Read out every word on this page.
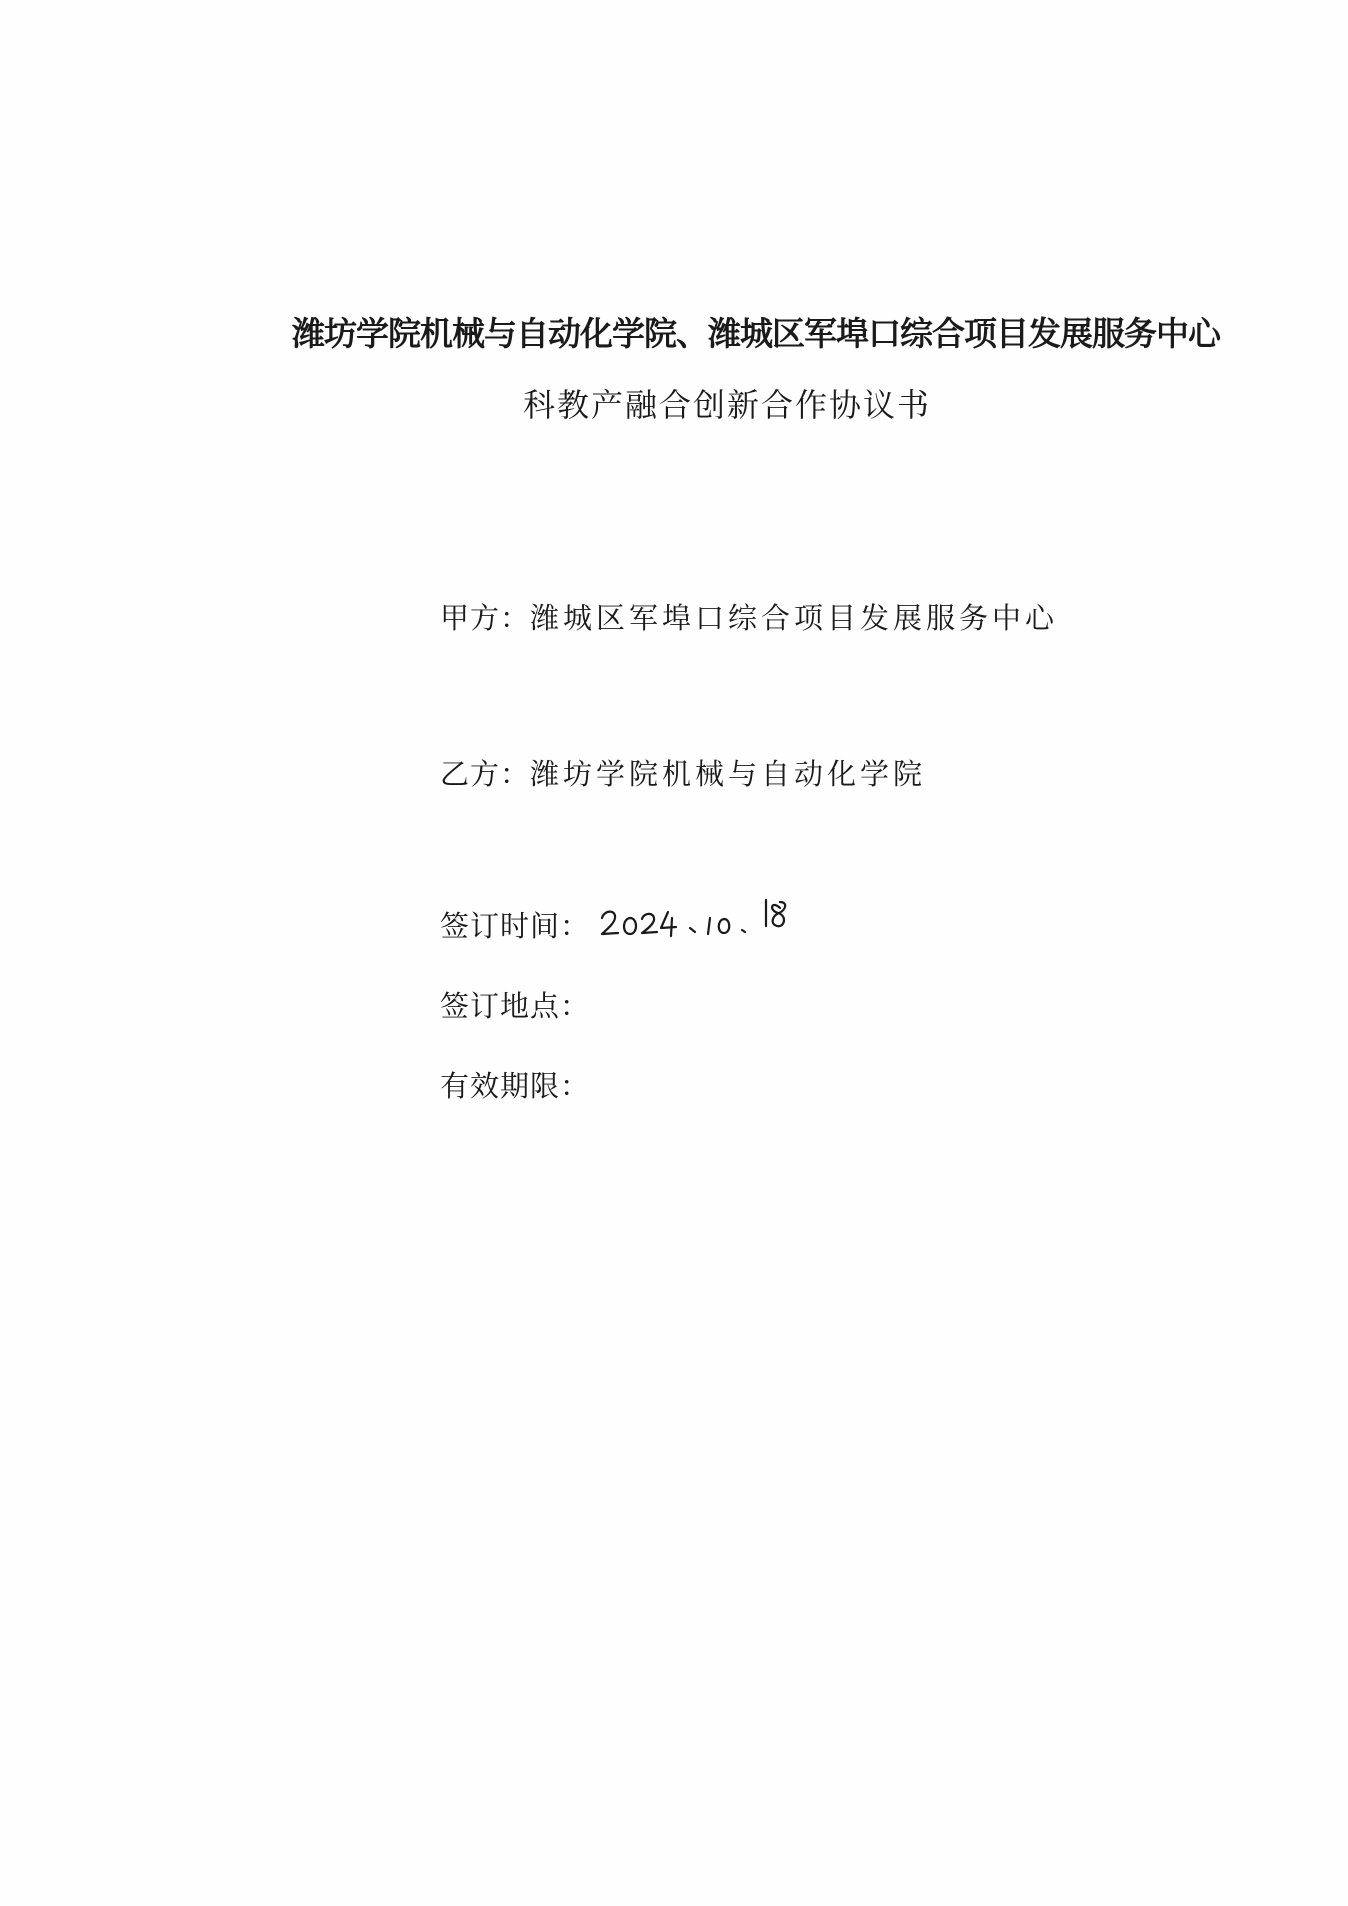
潍坊学院机械与自动化学院、潍城区军埠口综合项目发展服务中心
科教产融合创新合作协议书
甲方：潍城区军埠口综合项目发展服务中心
乙方：潍坊学院机械与自动化学院
签订时间：
签订地点：
有效期限：
